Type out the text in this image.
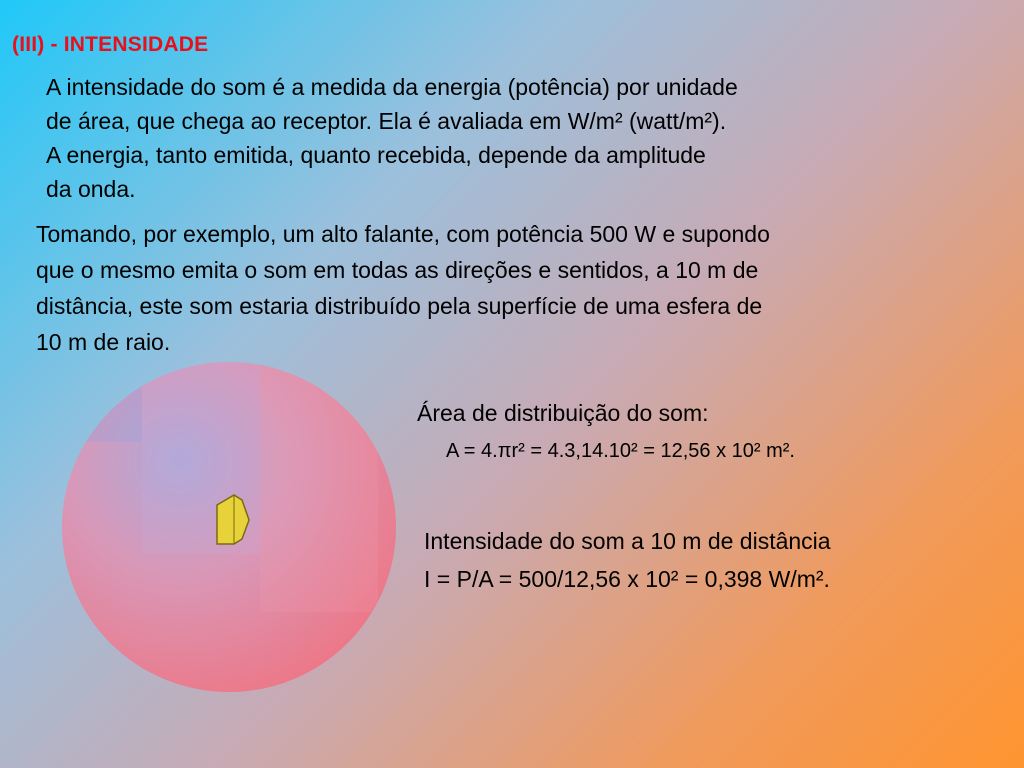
(III) - INTENSIDADE
A intensidade do som é a medida da energia (potência) por unidade
de área, que chega ao receptor. Ela é avaliada em W/m² (watt/m²).
A energia, tanto emitida, quanto recebida, depende da amplitude
da onda.
Tomando, por exemplo, um alto falante, com potência 500 W e supondo
que o mesmo emita o som em todas as direções e sentidos, a 10 m de
distância, este som estaria distribuído pela superfície de uma esfera de
10 m de raio.
Área de distribuição do som:
A = 4.πr² = 4.3,14.10² = 12,56 x 10² m².
Intensidade do som a 10 m de distância
I = P/A = 500/12,56 x 10² = 0,398 W/m².
